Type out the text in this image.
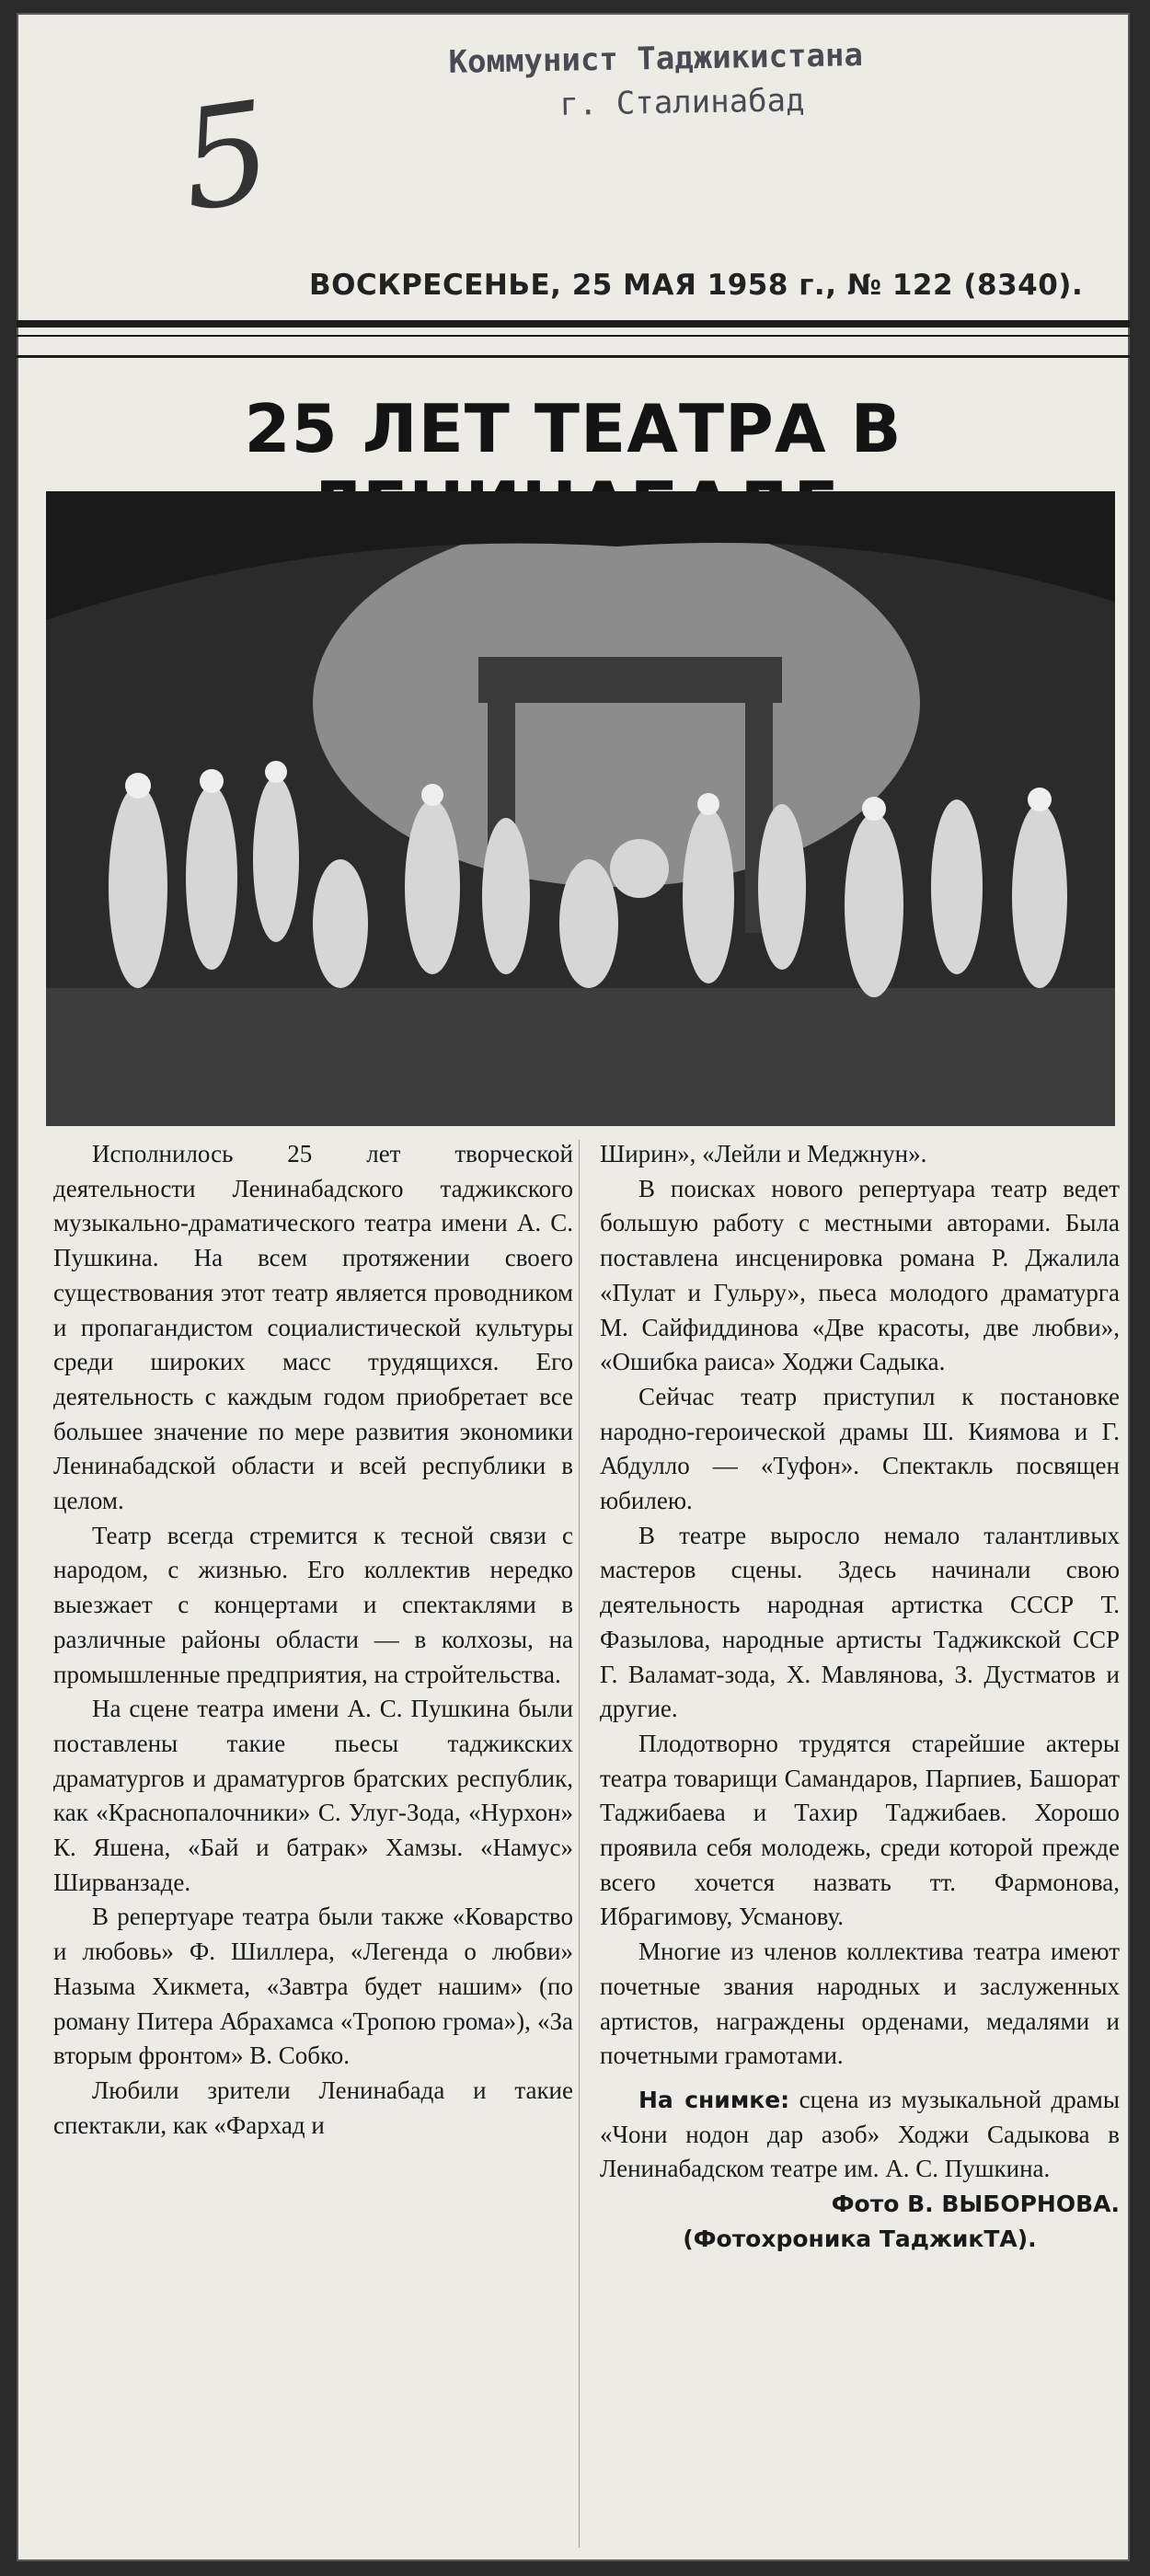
Коммунист Таджикистана
г. Сталинабад
5
ВОСКРЕСЕНЬЕ, 25 МАЯ 1958 г., № 122 (8340).
25 ЛЕТ ТЕАТРА В

Исполнилось 25 лет творческой деятельности Ленинабадского таджикского музыкально-драматического театра имени А. С. Пушкина. На всем протяжении своего существования этот театр является проводником и пропагандистом социалистической культуры среди широких масс трудящихся. Его деятельность с каждым годом приобретает все большее значение по мере развития экономики Ленинабадской области и всей республики в целом.

Театр всегда стремится к тесной связи с народом, с жизнью. Его коллектив нередко выезжает с концертами и спектаклями в различные районы области — в колхозы, на промышленные предприятия, на стройтельства.

На сцене театра имени А. С. Пушкина были поставлены такие пьесы таджикских драматургов и драматургов братских республик, как «Краснопалочники» С. Улуг-Зода, «Нурхон» К. Яшена, «Бай и батрак» Хамзы. «Намус» Ширванзаде.

В репертуаре театра были также «Коварство и любовь» Ф. Шиллера, «Легенда о любви» Назыма Хикмета, «Завтра будет нашим» (по роману Питера Абрахамса «Тропою грома»), «За вторым фронтом» В. Собко.

Любили зрители Ленинабада и такие спектакли, как «Фархад и

Ширин», «Лейли и Меджнун».

В поисках нового репертуара театр ведет большую работу с местными авторами. Была поставлена инсценировка романа Р. Джалила «Пулат и Гульру», пьеса молодого драматурга М. Сайфиддинова «Две красоты, две любви», «Ошибка раиса» Ходжи Садыка.

Сейчас театр приступил к постановке народно-героической драмы Ш. Киямова и Г. Абдулло — «Туфон». Спектакль посвящен юбилею.

В театре выросло немало талантливых мастеров сцены. Здесь начинали свою деятельность народная артистка СССР Т. Фазылова, народные артисты Таджикской ССР Г. Валамат-зода, Х. Мавлянова, З. Дустматов и другие.

Плодотворно трудятся старейшие актеры театра товарищи Самандаров, Парпиев, Башорат Таджибаева и Тахир Таджибаев. Хорошо проявила себя молодежь, среди которой прежде всего хочется назвать тт. Фармонова, Ибрагимову, Усманову.

Многие из членов коллектива театра имеют почетные звания народных и заслуженных артистов, награждены орденами, медалями и почетными грамотами.

На снимке: сцена из музыкальной драмы «Чони нодон дар азоб» Ходжи Садыкова в Ленинабадском театре им. А. С. Пушкина.

Фото В. ВЫБОРНОВА.

(Фотохроника ТаджикТА).
